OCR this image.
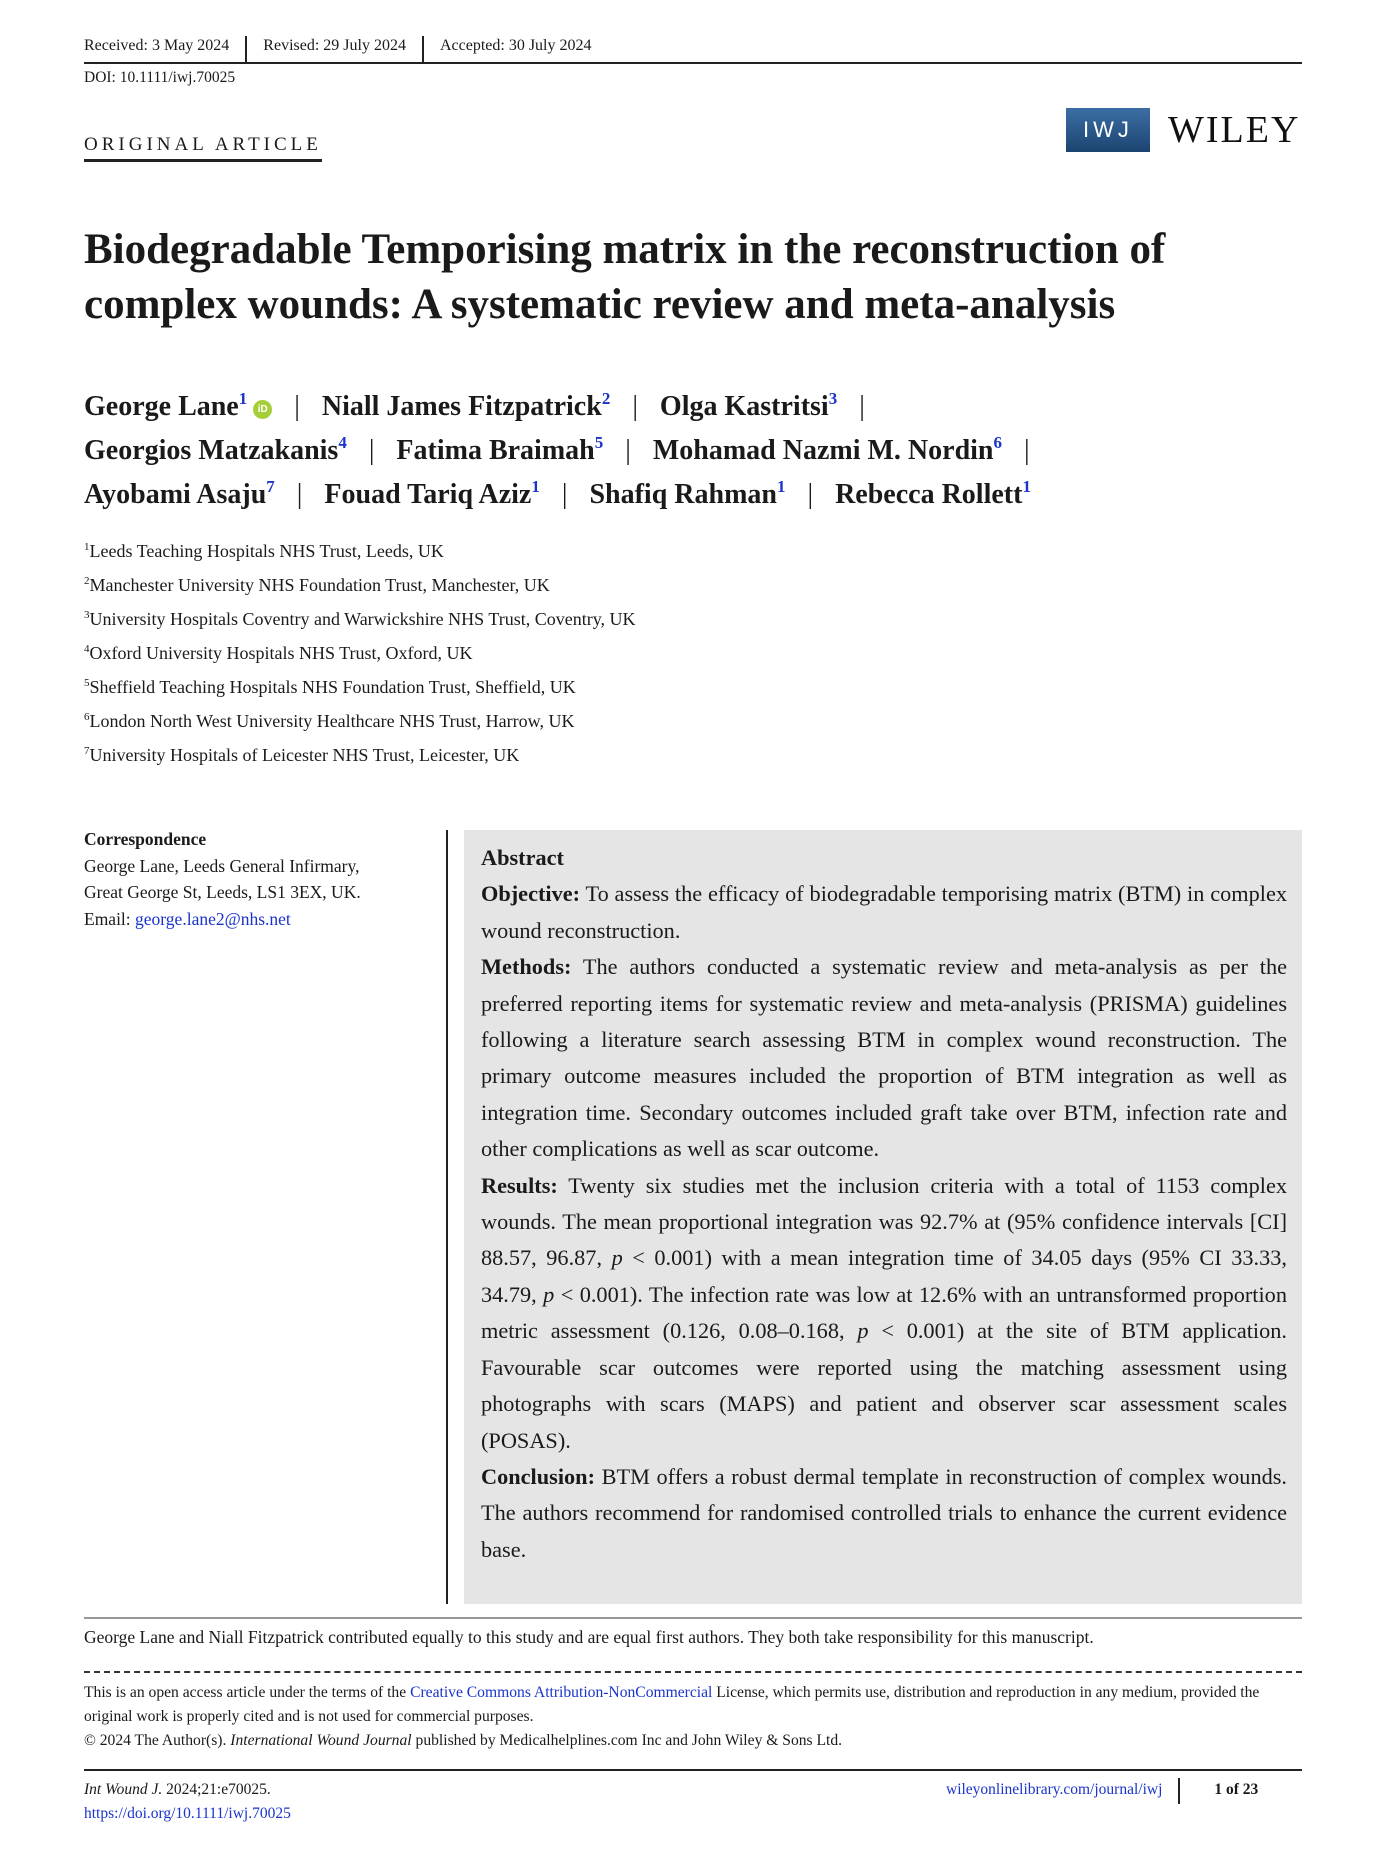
Received: 3 May 2024	Revised: 29 July 2024	Accepted: 30 July 2024
DOI: 10.1111/iwj.70025
ORIGINAL ARTICLE
IWJ WILEY
Biodegradable Temporising matrix in the reconstruction of complex wounds: A systematic review and meta-analysis
George Lane$^1$iD | Niall James Fitzpatrick$^2$ | Olga Kastritsi$^3$ |
Georgios Matzakanis$^4$ | Fatima Braimah$^5$ | Mohamad Nazmi M. Nordin$^6$ |
Ayobami Asaju$^7$ | Fouad Tariq Aziz$^1$ | Shafiq Rahman$^1$ | Rebecca Rollett$^1$
$^1$Leeds Teaching Hospitals NHS Trust, Leeds, UK
$^2$Manchester University NHS Foundation Trust, Manchester, UK
$^3$University Hospitals Coventry and Warwickshire NHS Trust, Coventry, UK
$^4$Oxford University Hospitals NHS Trust, Oxford, UK
$^5$Sheffield Teaching Hospitals NHS Foundation Trust, Sheffield, UK
$^6$London North West University Healthcare NHS Trust, Harrow, UK
$^7$University Hospitals of Leicester NHS Trust, Leicester, UK
Correspondence
George Lane, Leeds General Infirmary,
Great George St, Leeds, LS1 3EX, UK.
Email: george.lane2@nhs.net
Abstract

Objective: To assess the efficacy of biodegradable temporising matrix (BTM) in complex wound reconstruction.

Methods: The authors conducted a systematic review and meta-analysis as per the preferred reporting items for systematic review and meta-analysis (PRISMA) guidelines following a literature search assessing BTM in complex wound reconstruction. The primary outcome measures included the proportion of BTM integration as well as integration time. Secondary outcomes included graft take over BTM, infection rate and other complications as well as scar outcome.

Results: Twenty six studies met the inclusion criteria with a total of 1153 complex wounds. The mean proportional integration was 92.7% at (95% confidence intervals [CI] 88.57, 96.87, p < 0.001) with a mean integration time of 34.05 days (95% CI 33.33, 34.79, p < 0.001). The infection rate was low at 12.6% with an untransformed proportion metric assessment (0.126, 0.08–0.168, p < 0.001) at the site of BTM application. Favourable scar outcomes were reported using the matching assessment using photographs with scars (MAPS) and patient and observer scar assessment scales (POSAS).

Conclusion: BTM offers a robust dermal template in reconstruction of complex wounds. The authors recommend for randomised controlled trials to enhance the current evidence base.

George Lane and Niall Fitzpatrick contributed equally to this study and are equal first authors. They both take responsibility for this manuscript.

This is an open access article under the terms of the Creative Commons Attribution-NonCommercial License, which permits use, distribution and reproduction in any medium, provided the original work is properly cited and is not used for commercial purposes.

© 2024 The Author(s). International Wound Journal published by Medicalhelplines.com Inc and John Wiley & Sons Ltd.

Int Wound J. 2024;21:e70025.
https://doi.org/10.1111/iwj.70025
wileyonlinelibrary.com/journal/iwj	1 of 23
